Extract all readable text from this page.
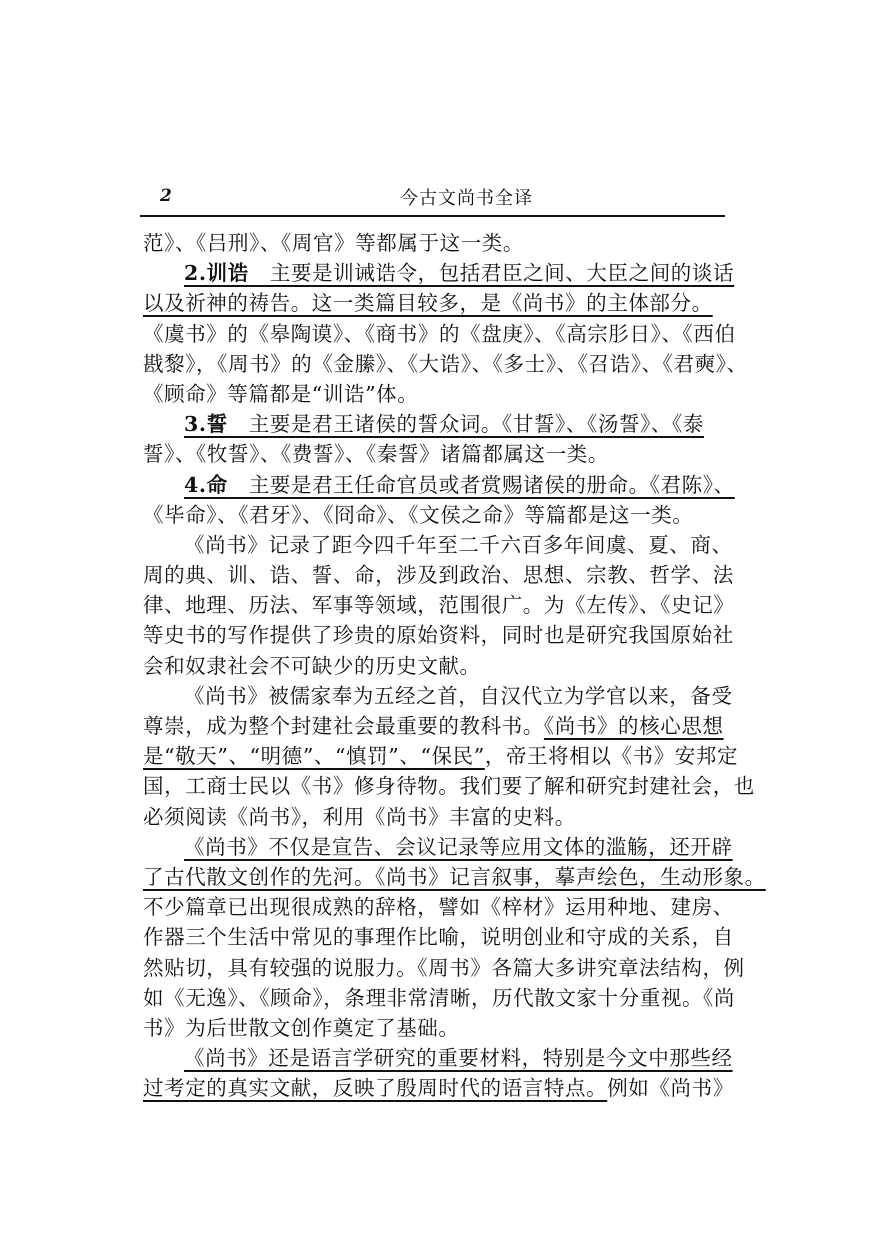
2	今古文尚书全译
范》、《吕刑》、《周官》等都属于这一类。
2.训诰　主要是训诫诰令，包括君臣之间、大臣之间的谈话
以及祈神的祷告。这一类篇目较多，是《尚书》的主体部分。
《虞书》的《皋陶谟》、《商书》的《盘庚》、《高宗肜日》、《西伯
戡黎》，《周书》的《金縢》、《大诰》、《多士》、《召诰》、《君奭》、
《顾命》等篇都是“训诰”体。
3.誓　主要是君王诸侯的誓众词。《甘誓》、《汤誓》、《泰
誓》、《牧誓》、《费誓》、《秦誓》诸篇都属这一类。
4.命　主要是君王任命官员或者赏赐诸侯的册命。《君陈》、
《毕命》、《君牙》、《冏命》、《文侯之命》等篇都是这一类。
《尚书》记录了距今四千年至二千六百多年间虞、夏、商、
周的典、训、诰、誓、命，涉及到政治、思想、宗教、哲学、法
律、地理、历法、军事等领域，范围很广。为《左传》、《史记》
等史书的写作提供了珍贵的原始资料，同时也是研究我国原始社
会和奴隶社会不可缺少的历史文献。
《尚书》被儒家奉为五经之首，自汉代立为学官以来，备受
尊崇，成为整个封建社会最重要的教科书。《尚书》的核心思想
是“敬天”、“明德”、“慎罚”、“保民”，帝王将相以《书》安邦定
国，工商士民以《书》修身待物。我们要了解和研究封建社会，也
必须阅读《尚书》，利用《尚书》丰富的史料。
《尚书》不仅是宣告、会议记录等应用文体的滥觞，还开辟
了古代散文创作的先河。《尚书》记言叙事，摹声绘色，生动形象。
不少篇章已出现很成熟的辞格，譬如《梓材》运用种地、建房、
作器三个生活中常见的事理作比喻，说明创业和守成的关系，自
然贴切，具有较强的说服力。《周书》各篇大多讲究章法结构，例
如《无逸》、《顾命》，条理非常清晰，历代散文家十分重视。《尚
书》为后世散文创作奠定了基础。
《尚书》还是语言学研究的重要材料，特别是今文中那些经
过考定的真实文献，反映了殷周时代的语言特点。例如《尚书》
